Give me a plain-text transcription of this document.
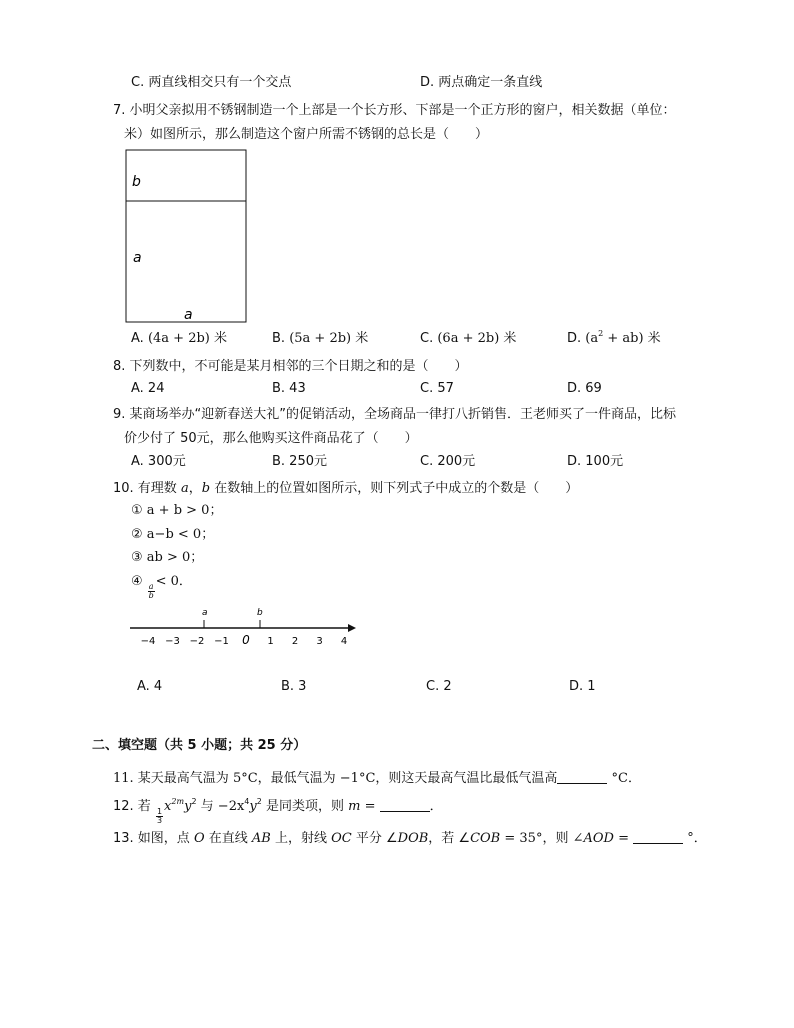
C. 两直线相交只有一个交点	D. 两点确定一条直线
7. 小明父亲拟用不锈钢制造一个上部是一个长方形、下部是一个正方形的窗户，相关数据（单位：
米）如图所示，那么制造这个窗户所需不锈钢的总长是（　　）
b
a
a
A. (4a + 2b) 米	B. (5a + 2b) 米	C. (6a + 2b) 米	D. $(a^2 + ab)$ 米
8. 下列数中，不可能是某月相邻的三个日期之和的是（　　）
A. 24	B. 43	C. 57	D. 69
9. 某商场举办“迎新春送大礼”的促销活动，全场商品一律打八折销售．王老师买了一件商品，比标
价少付了 50元，那么他购买这件商品花了（　　）
A. 300元	B. 250元	C. 200元	D. 100元
10. 有理数 a，b 在数轴上的位置如图所示，则下列式子中成立的个数是（　　）
① a + b > 0；
② a−b < 0；
③ ab > 0；
④
$\frac{a}{b}$
< 0．
a	b
−4 −3 −2 −1 0 1 2 3 4
A. 4	B. 3	C. 2	D. 1
二、填空题（共 5 小题；共 25 分）
11. 某天最高气温为 5°C，最低气温为 −1°C，则这天最高气温比最低气温高	°C．
12. 若
$\frac{1}{3}$
$x^{2m}y^2$ 与 $-2x^4y^2$ 是同类项，则 m =	．
13. 如图，点 O 在直线 AB 上，射线 OC 平分 ∠DOB，若 ∠COB = 35°，则 ∠AOD =	°．
